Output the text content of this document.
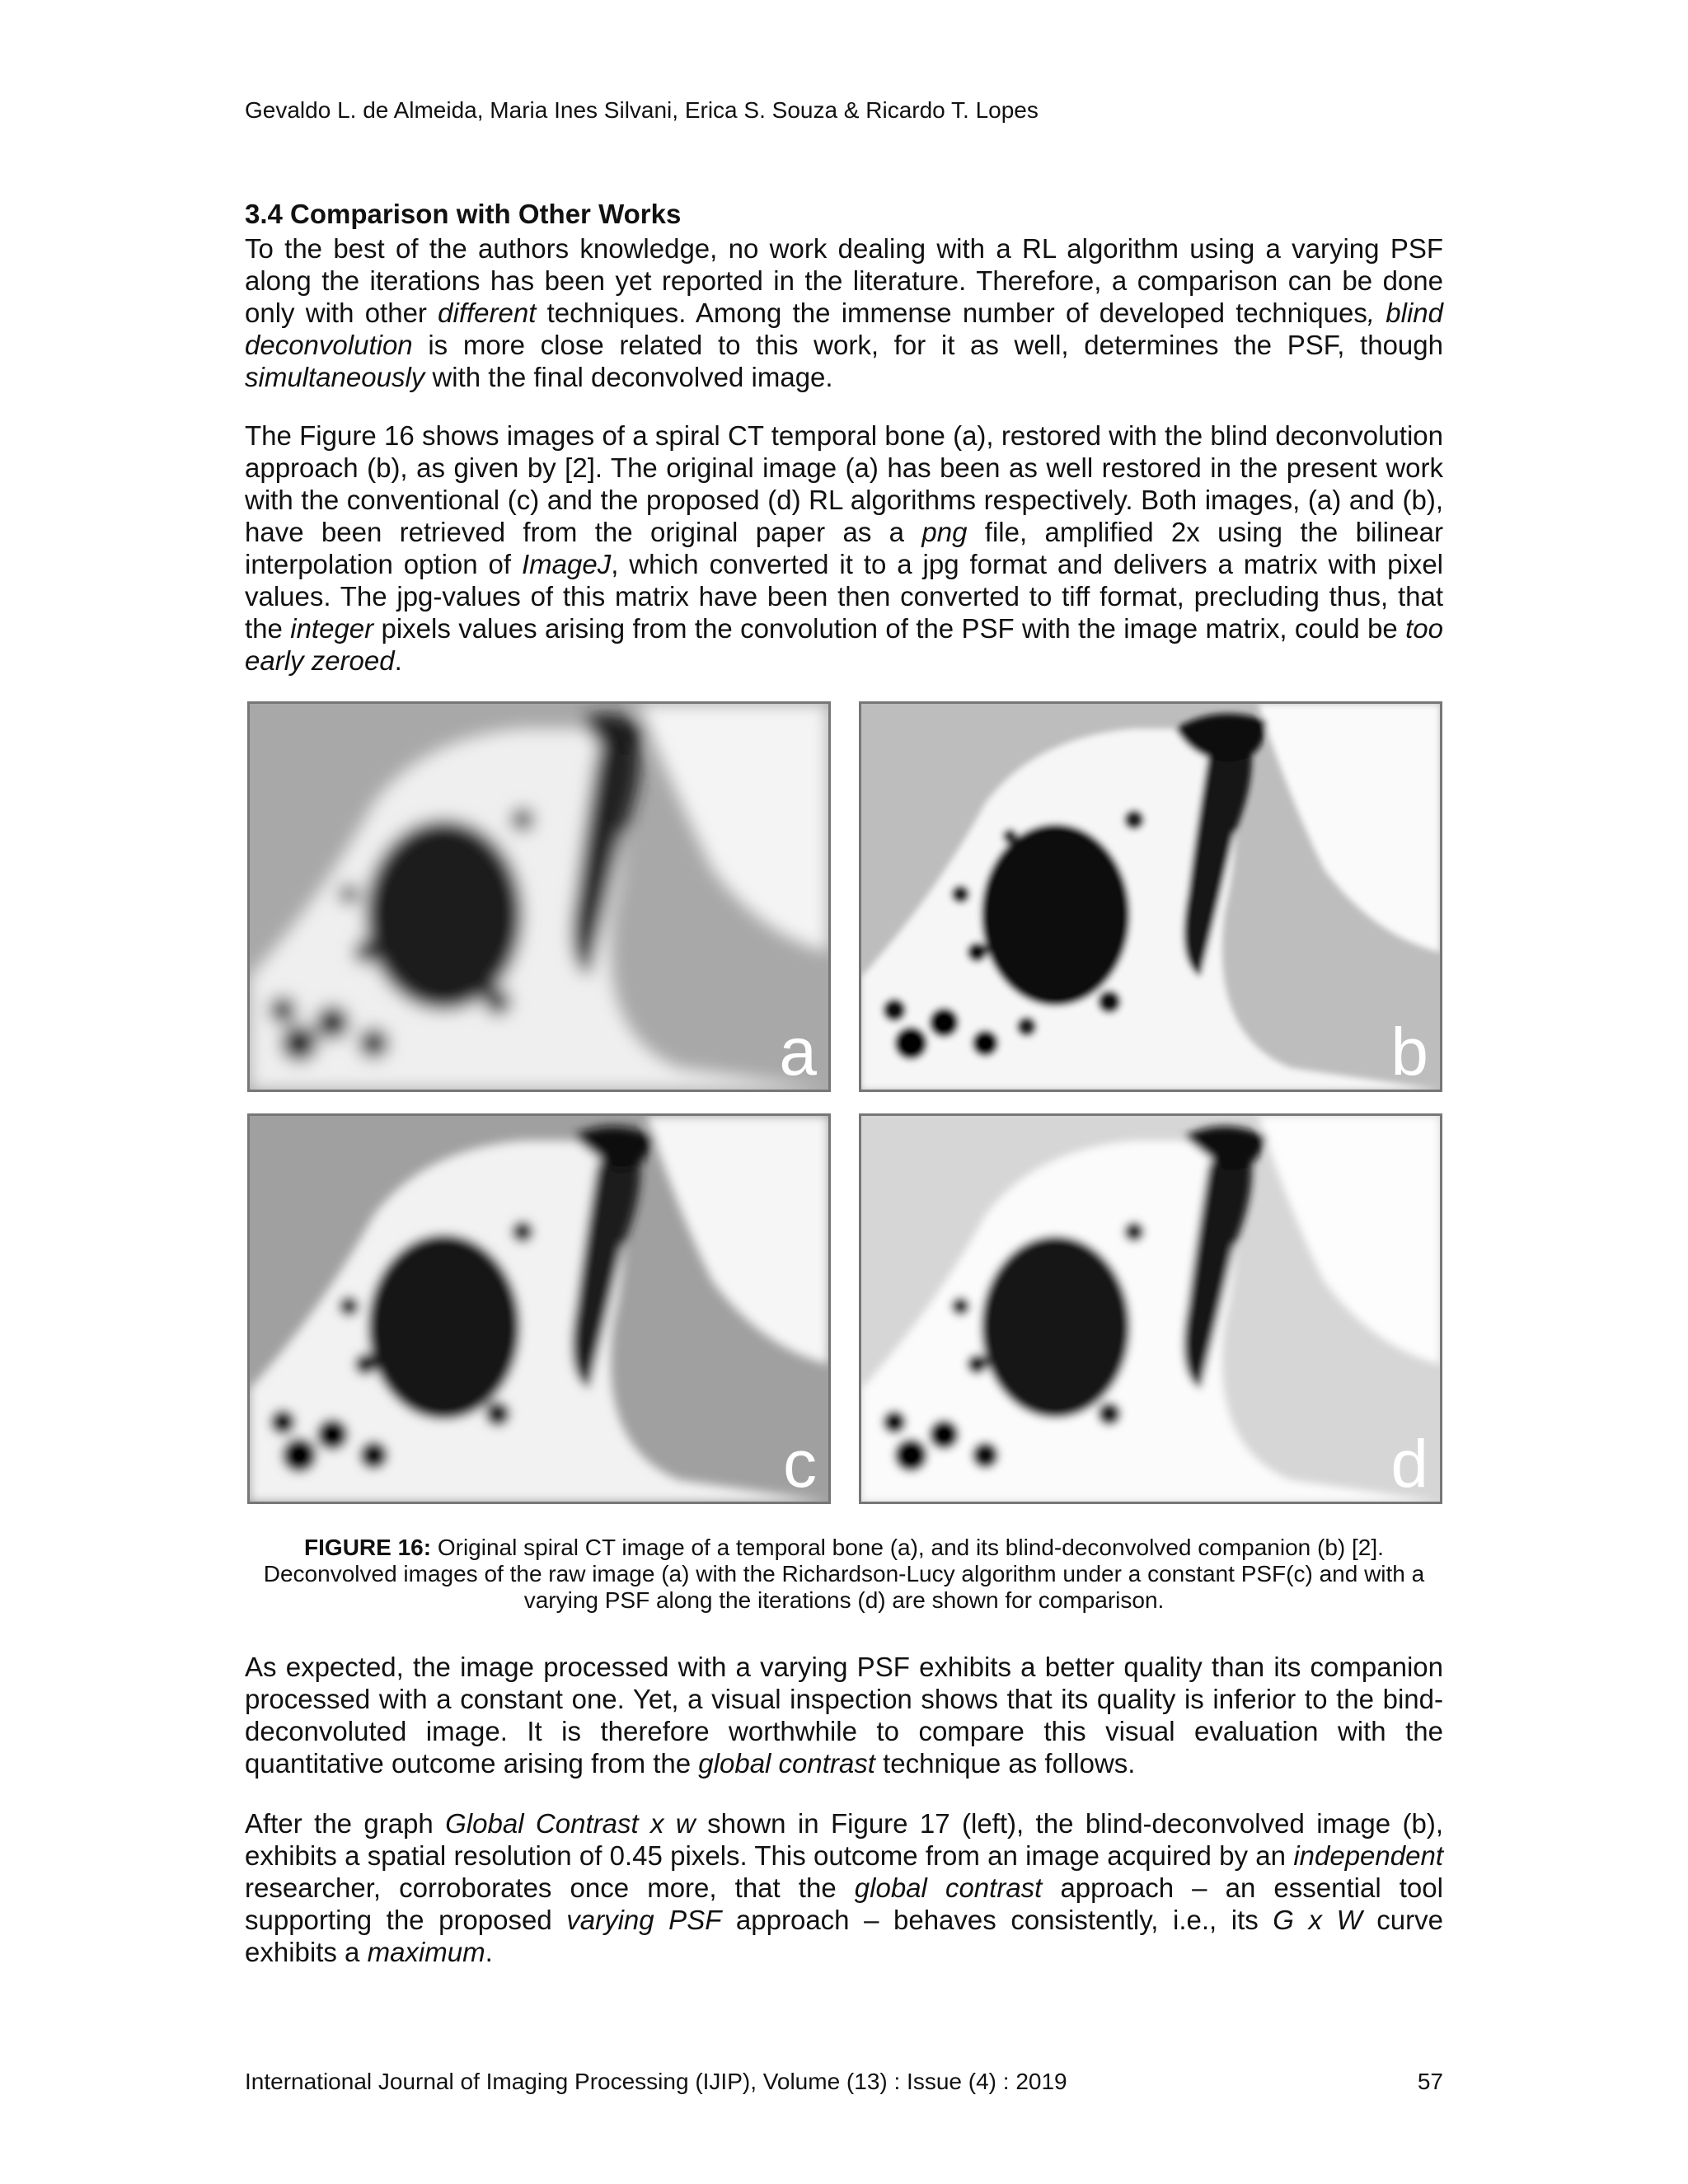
Gevaldo L. de Almeida, Maria Ines Silvani, Erica S. Souza & Ricardo T. Lopes
3.4 Comparison with Other Works
To the best of the authors knowledge, no work dealing with a RL algorithm using a varying PSF along the iterations has been yet reported in the literature. Therefore, a comparison can be done only with other different techniques. Among the immense number of developed techniques, blind deconvolution is more close related to this work, for it as well, determines the PSF, though simultaneously with the final deconvolved image.
The Figure 16 shows images of a spiral CT temporal bone (a), restored with the blind deconvolution approach (b), as given by [2]. The original image (a) has been as well restored in the present work with the conventional (c) and the proposed (d) RL algorithms respectively. Both images, (a) and (b), have been retrieved from the original paper as a png file, amplified 2x using the bilinear interpolation option of ImageJ, which converted it to a jpg format and delivers a matrix with pixel values. The jpg-values of this matrix have been then converted to tiff format, precluding thus, that the integer pixels values arising from the convolution of the PSF with the image matrix, could be too early zeroed.
a	b
c	d
FIGURE 16: Original spiral CT image of a temporal bone (a), and its blind-deconvolved companion (b) [2]. Deconvolved images of the raw image (a) with the Richardson-Lucy algorithm under a constant PSF(c) and with a varying PSF along the iterations (d) are shown for comparison.
As expected, the image processed with a varying PSF exhibits a better quality than its companion processed with a constant one. Yet, a visual inspection shows that its quality is inferior to the bind-deconvoluted image. It is therefore worthwhile to compare this visual evaluation with the quantitative outcome arising from the global contrast technique as follows.
After the graph Global Contrast x w shown in Figure 17 (left), the blind-deconvolved image (b), exhibits a spatial resolution of 0.45 pixels. This outcome from an image acquired by an independent researcher, corroborates once more, that the global contrast approach – an essential tool supporting the proposed varying PSF approach – behaves consistently, i.e., its G x W curve exhibits a maximum.
International Journal of Imaging Processing (IJIP), Volume (13) : Issue (4) : 2019	57
